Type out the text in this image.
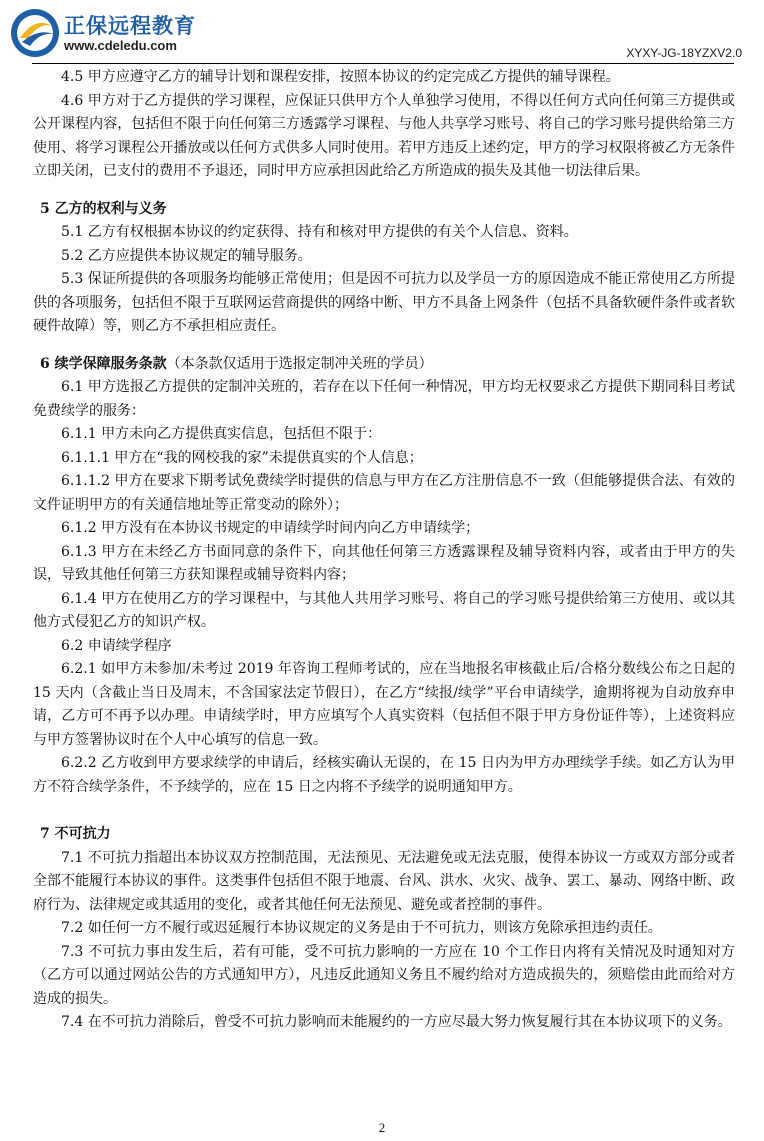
正保远程教育
www.cdeledu.com	XYXY-JG-18YZXV2.0

4.5 甲方应遵守乙方的辅导计划和课程安排，按照本协议的约定完成乙方提供的辅导课程。

4.6 甲方对于乙方提供的学习课程，应保证只供甲方个人单独学习使用，不得以任何方式向任何第三方提供或公开课程内容，包括但不限于向任何第三方透露学习课程、与他人共享学习账号、将自己的学习账号提供给第三方使用、将学习课程公开播放或以任何方式供多人同时使用。若甲方违反上述约定，甲方的学习权限将被乙方无条件立即关闭，已支付的费用不予退还，同时甲方应承担因此给乙方所造成的损失及其他一切法律后果。

5 乙方的权利与义务

5.1 乙方有权根据本协议的约定获得、持有和核对甲方提供的有关个人信息、资料。

5.2 乙方应提供本协议规定的辅导服务。

5.3 保证所提供的各项服务均能够正常使用；但是因不可抗力以及学员一方的原因造成不能正常使用乙方所提供的各项服务，包括但不限于互联网运营商提供的网络中断、甲方不具备上网条件（包括不具备软硬件条件或者软硬件故障）等，则乙方不承担相应责任。

6 续学保障服务条款（本条款仅适用于选报定制冲关班的学员）

6.1 甲方选报乙方提供的定制冲关班的，若存在以下任何一种情况，甲方均无权要求乙方提供下期同科目考试免费续学的服务：

6.1.1 甲方未向乙方提供真实信息，包括但不限于：

6.1.1.1 甲方在“我的网校我的家”未提供真实的个人信息；

6.1.1.2 甲方在要求下期考试免费续学时提供的信息与甲方在乙方注册信息不一致（但能够提供合法、有效的文件证明甲方的有关通信地址等正常变动的除外）；

6.1.2 甲方没有在本协议书规定的申请续学时间内向乙方申请续学；

6.1.3 甲方在未经乙方书面同意的条件下，向其他任何第三方透露课程及辅导资料内容，或者由于甲方的失误，导致其他任何第三方获知课程或辅导资料内容；

6.1.4 甲方在使用乙方的学习课程中，与其他人共用学习账号、将自己的学习账号提供给第三方使用、或以其他方式侵犯乙方的知识产权。

6.2 申请续学程序

6.2.1 如甲方未参加/未考过 2019 年咨询工程师考试的，应在当地报名审核截止后/合格分数线公布之日起的 15 天内（含截止当日及周末，不含国家法定节假日），在乙方“续报/续学”平台申请续学，逾期将视为自动放弃申请，乙方可不再予以办理。申请续学时，甲方应填写个人真实资料（包括但不限于甲方身份证件等），上述资料应与甲方签署协议时在个人中心填写的信息一致。

6.2.2 乙方收到甲方要求续学的申请后，经核实确认无误的，在 15 日内为甲方办理续学手续。如乙方认为甲方不符合续学条件，不予续学的，应在 15 日之内将不予续学的说明通知甲方。

7 不可抗力

7.1 不可抗力指超出本协议双方控制范围，无法预见、无法避免或无法克服，使得本协议一方或双方部分或者全部不能履行本协议的事件。这类事件包括但不限于地震、台风、洪水、火灾、战争、罢工、暴动、网络中断、政府行为、法律规定或其适用的变化，或者其他任何无法预见、避免或者控制的事件。

7.2 如任何一方不履行或迟延履行本协议规定的义务是由于不可抗力，则该方免除承担违约责任。

7.3 不可抗力事由发生后，若有可能，受不可抗力影响的一方应在 10 个工作日内将有关情况及时通知对方（乙方可以通过网站公告的方式通知甲方），凡违反此通知义务且不履约给对方造成损失的，须赔偿由此而给对方造成的损失。

7.4 在不可抗力消除后，曾受不可抗力影响而未能履约的一方应尽最大努力恢复履行其在本协议项下的义务。

2
